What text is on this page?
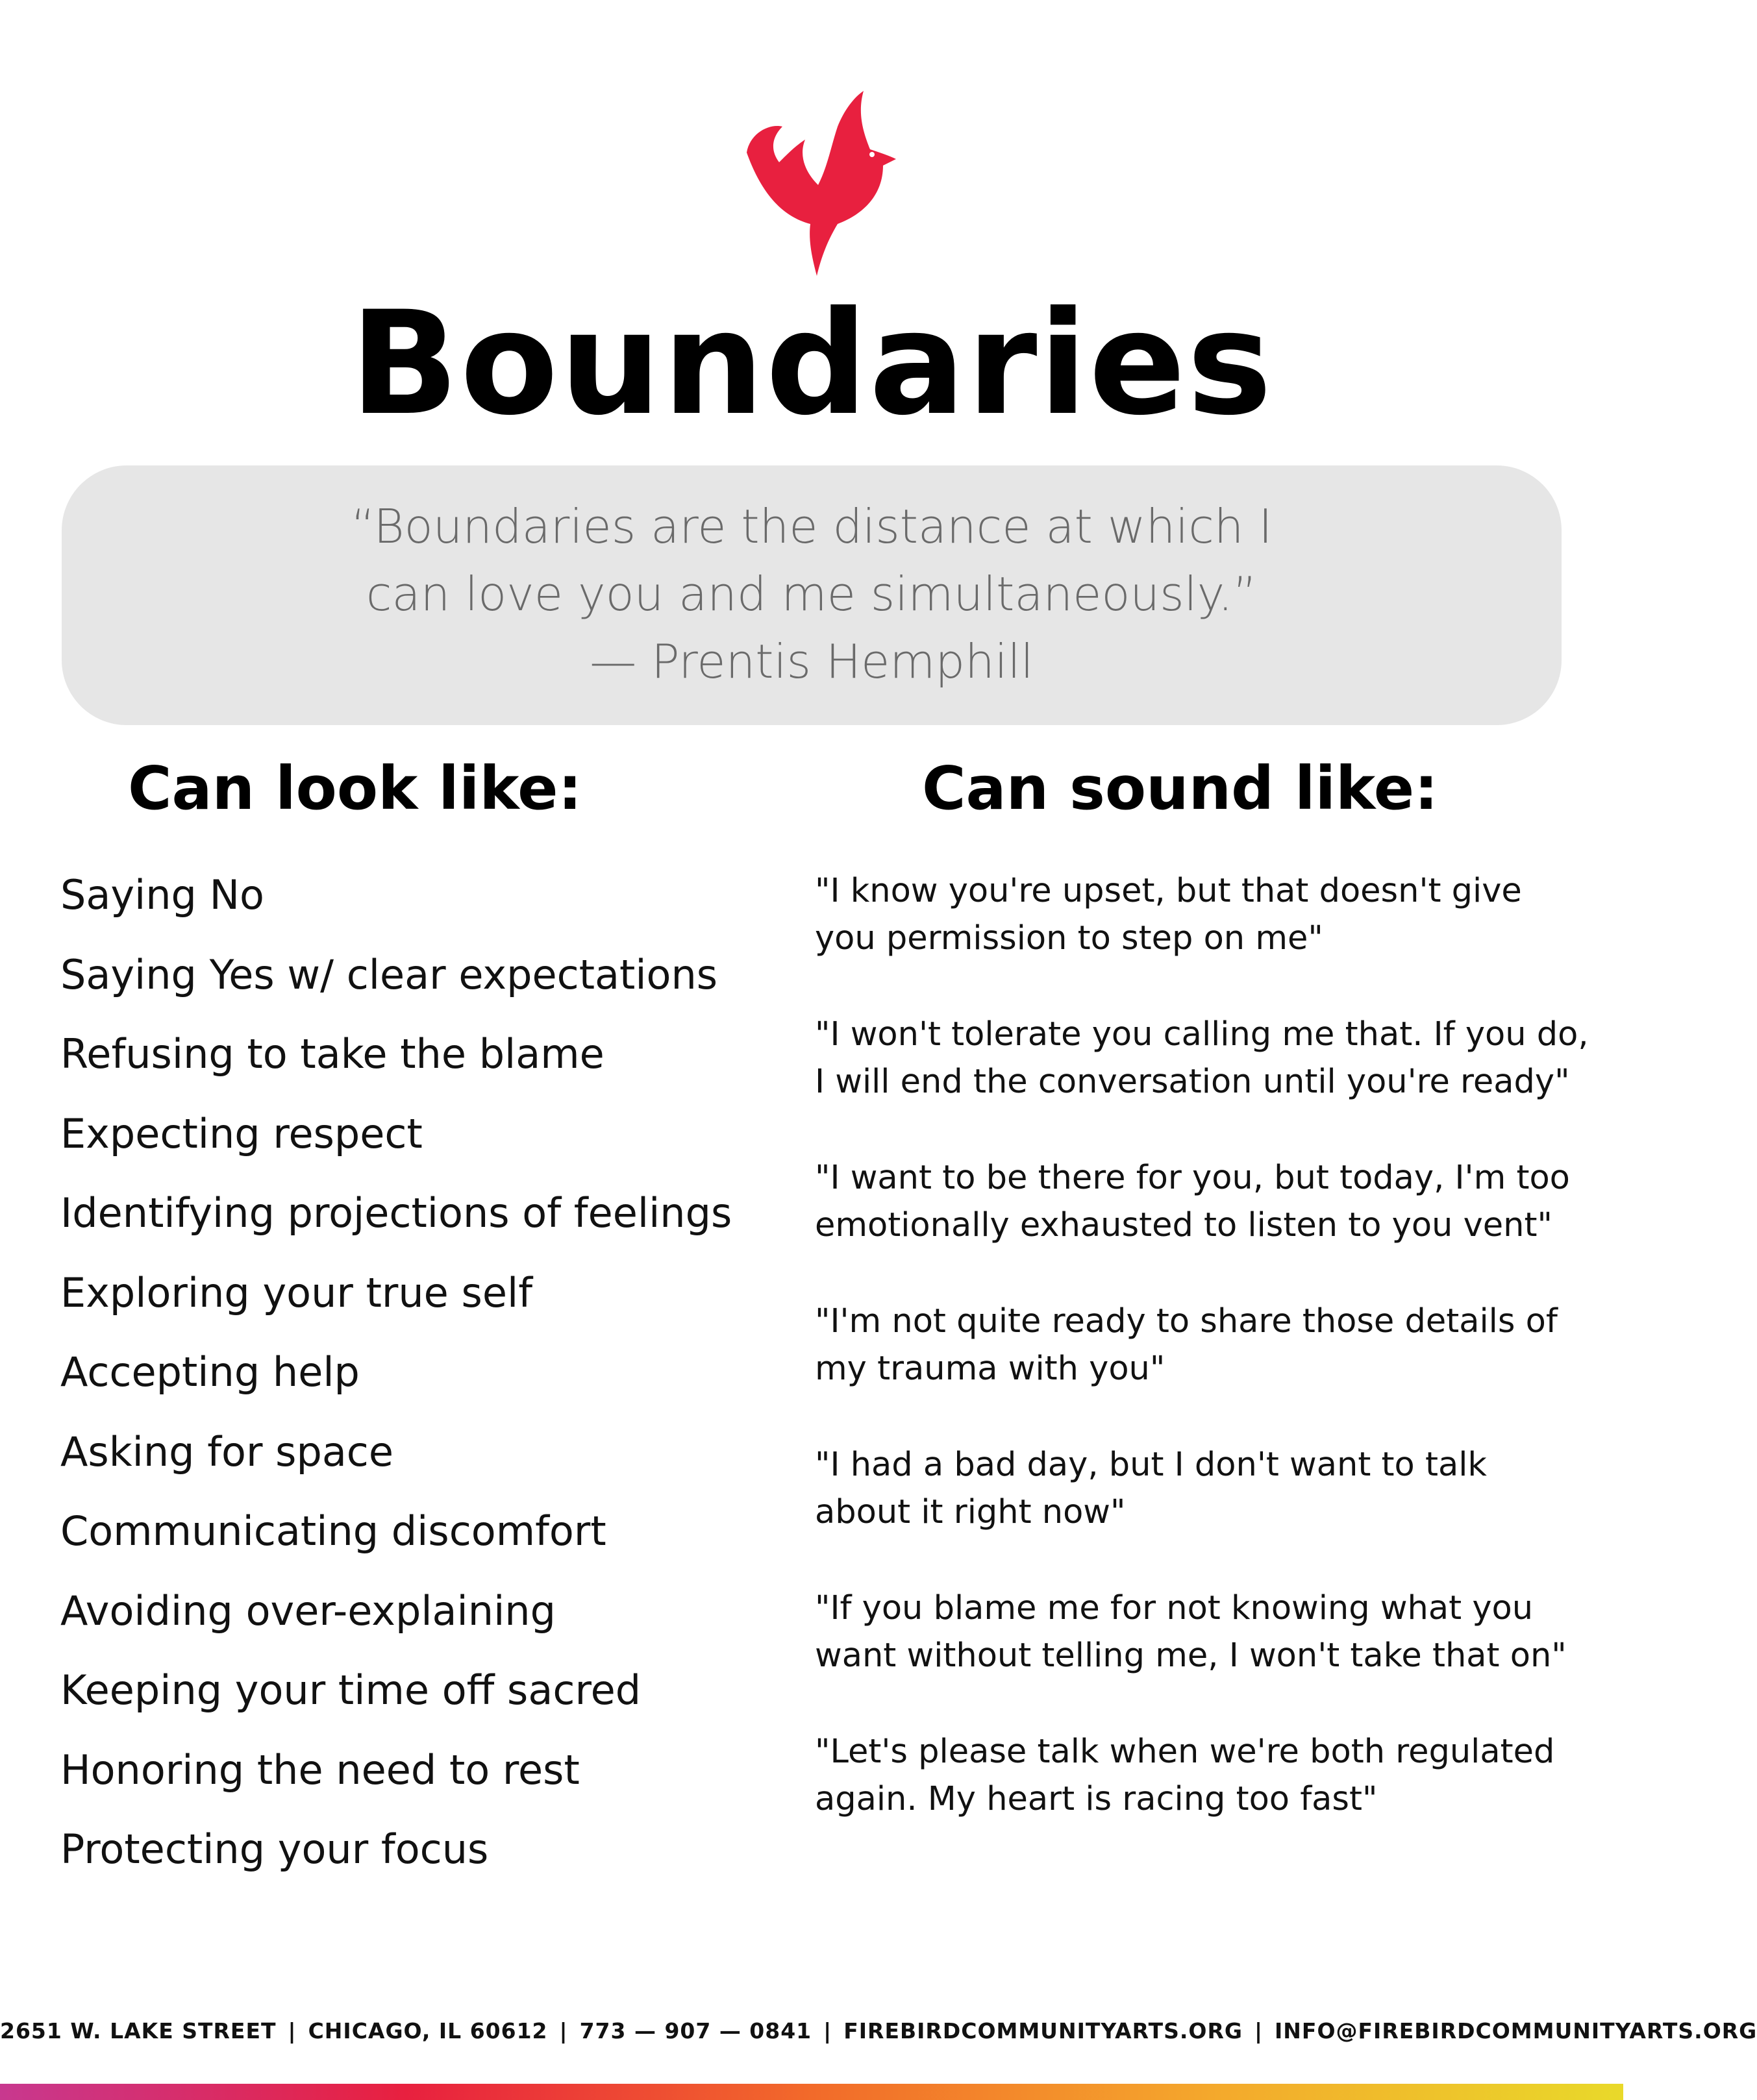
Boundaries
“Boundaries are the distance at which I
can love you and me simultaneously.”
— Prentis Hemphill
Can look like:	Can sound like:
Saying No
Saying Yes w/ clear expectations
Refusing to take the blame
Expecting respect
Identifying projections of feelings
Exploring your true self
Accepting help
Asking for space
Communicating discomfort
Avoiding over-explaining
Keeping your time off sacred
Honoring the need to rest
Protecting your focus
"I know you're upset, but that doesn't give
you permission to step on me"
"I won't tolerate you calling me that. If you do,
I will end the conversation until you're ready"
"I want to be there for you, but today, I'm too
emotionally exhausted to listen to you vent"
"I'm not quite ready to share those details of
my trauma with you"
"I had a bad day, but I don't want to talk
about it right now"
"If you blame me for not knowing what you
want without telling me, I won't take that on"
"Let's please talk when we're both regulated
again. My heart is racing too fast"
2651 W. LAKE STREET | CHICAGO, IL 60612 | 773 — 907 — 0841 | FIREBIRDCOMMUNITYARTS.ORG | INFO@FIREBIRDCOMMUNITYARTS.ORG
